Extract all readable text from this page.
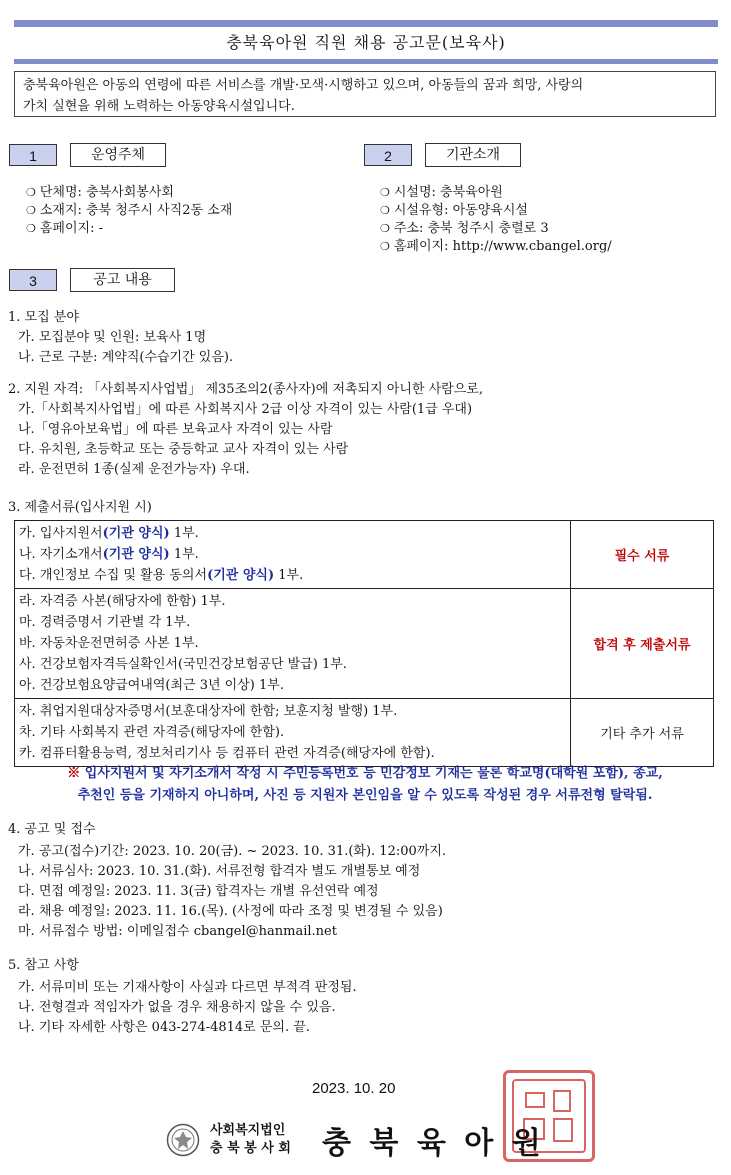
충북육아원 직원 채용 공고문(보육사)
충북육아원은 아동의 연령에 따른 서비스를 개발·모색·시행하고 있으며, 아동들의 꿈과 희망, 사랑의
가치 실현을 위해 노력하는 아동양육시설입니다.
1	운영주체
❍ 단체명: 충북사회봉사회
❍ 소재지: 충북 청주시 사직2동 소재
❍ 홈페이지: -
2	기관소개
❍ 시설명: 충북육아원
❍ 시설유형: 아동양육시설
❍ 주소: 충북 청주시 충렬로 3
❍ 홈페이지: http://www.cbangel.org/
3	공고 내용
1. 모집 분야
가. 모집분야 및 인원: 보육사 1명
나. 근로 구분: 계약직(수습기간 있음).
2. 지원 자격: 「사회복지사업법」 제35조의2(종사자)에 저촉되지 아니한 사람으로,
가.「사회복지사업법」에 따른 사회복지사 2급 이상 자격이 있는 사람(1급 우대)
나.「영유아보육법」에 따른 보육교사 자격이 있는 사람
다. 유치원, 초등학교 또는 중등학교 교사 자격이 있는 사람
라. 운전면허 1종(실제 운전가능자) 우대.
3. 제출서류(입사지원 시)
가. 입사지원서(기관 양식) 1부.
나. 자기소개서(기관 양식) 1부.
다. 개인정보 수집 및 활용 동의서(기관 양식) 1부.	필수 서류

라. 자격증 사본(해당자에 한함) 1부.
마. 경력증명서 기관별 각 1부.
바. 자동차운전면허증 사본 1부.
사. 건강보험자격득실확인서(국민건강보험공단 발급) 1부.
아. 건강보험요양급여내역(최근 3년 이상) 1부.	합격 후 제출서류

자. 취업지원대상자증명서(보훈대상자에 한함; 보훈지청 발행) 1부.
차. 기타 사회복지 관련 자격증(해당자에 한함).
카. 컴퓨터활용능력, 정보처리기사 등 컴퓨터 관련 자격증(해당자에 한함).	기타 추가 서류
※ 입사지원서 및 자기소개서 작성 시 주민등록번호 등 민감정보 기재는 물론 학교명(대학원 포함), 종교,
추천인 등을 기재하지 아니하며, 사진 등 지원자 본인임을 알 수 있도록 작성된 경우 서류전형 탈락됨.
4. 공고 및 접수
가. 공고(접수)기간: 2023. 10. 20(금). ~ 2023. 10. 31.(화). 12:00까지.
나. 서류심사: 2023. 10. 31.(화). 서류전형 합격자 별도 개별통보 예정
다. 면접 예정일: 2023. 11. 3(금) 합격자는 개별 유선연락 예정
라. 채용 예정일: 2023. 11. 16.(목). (사정에 따라 조정 및 변경될 수 있음)
마. 서류접수 방법: 이메일접수 cbangel@hanmail.net
5. 참고 사항
가. 서류미비 또는 기재사항이 사실과 다르면 부적격 판정됨.
나. 전형결과 적임자가 없을 경우 채용하지 않을 수 있음.
나. 기타 자세한 사항은 043-274-4814로 문의. 끝.
2023. 10. 20
사회복지법인
충 북 봉 사 회 충 북 육 아 원
